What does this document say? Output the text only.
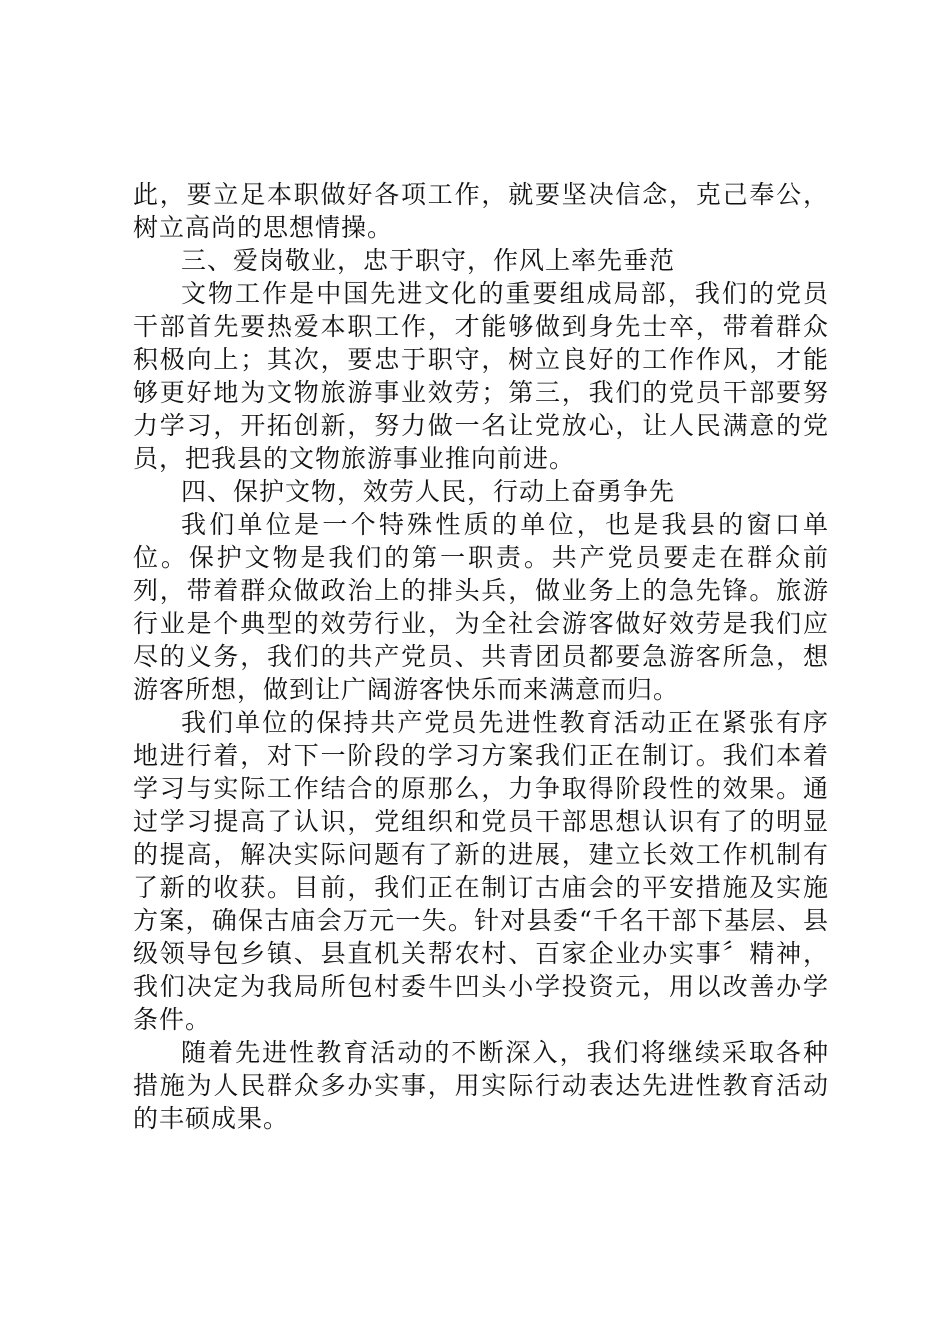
此，要立足本职做好各项工作，就要坚决信念，克己奉公，树立高尚的思想情操。

三、爱岗敬业，忠于职守，作风上率先垂范

文物工作是中国先进文化的重要组成局部，我们的党员干部首先要热爱本职工作，才能够做到身先士卒，带着群众积极向上；其次，要忠于职守，树立良好的工作作风，才能够更好地为文物旅游事业效劳；第三，我们的党员干部要努力学习，开拓创新，努力做一名让党放心，让人民满意的党员，把我县的文物旅游事业推向前进。

四、保护文物，效劳人民，行动上奋勇争先

我们单位是一个特殊性质的单位，也是我县的窗口单位。保护文物是我们的第一职责。共产党员要走在群众前列，带着群众做政治上的排头兵，做业务上的急先锋。旅游行业是个典型的效劳行业，为全社会游客做好效劳是我们应尽的义务，我们的共产党员、共青团员都要急游客所急，想游客所想，做到让广阔游客快乐而来满意而归。

我们单位的保持共产党员先进性教育活动正在紧张有序地进行着，对下一阶段的学习方案我们正在制订。我们本着学习与实际工作结合的原那么，力争取得阶段性的效果。通过学习提高了认识，党组织和党员干部思想认识有了的明显的提高，解决实际问题有了新的进展，建立长效工作机制有了新的收获。目前，我们正在制订古庙会的平安措施及实施方案，确保古庙会万元一失。针对县委“千名干部下基层、县级领导包乡镇、县直机关帮农村、百家企业办实事〞精神，我们决定为我局所包村委牛凹头小学投资元，用以改善办学条件。

随着先进性教育活动的不断深入，我们将继续采取各种措施为人民群众多办实事，用实际行动表达先进性教育活动的丰硕成果。
